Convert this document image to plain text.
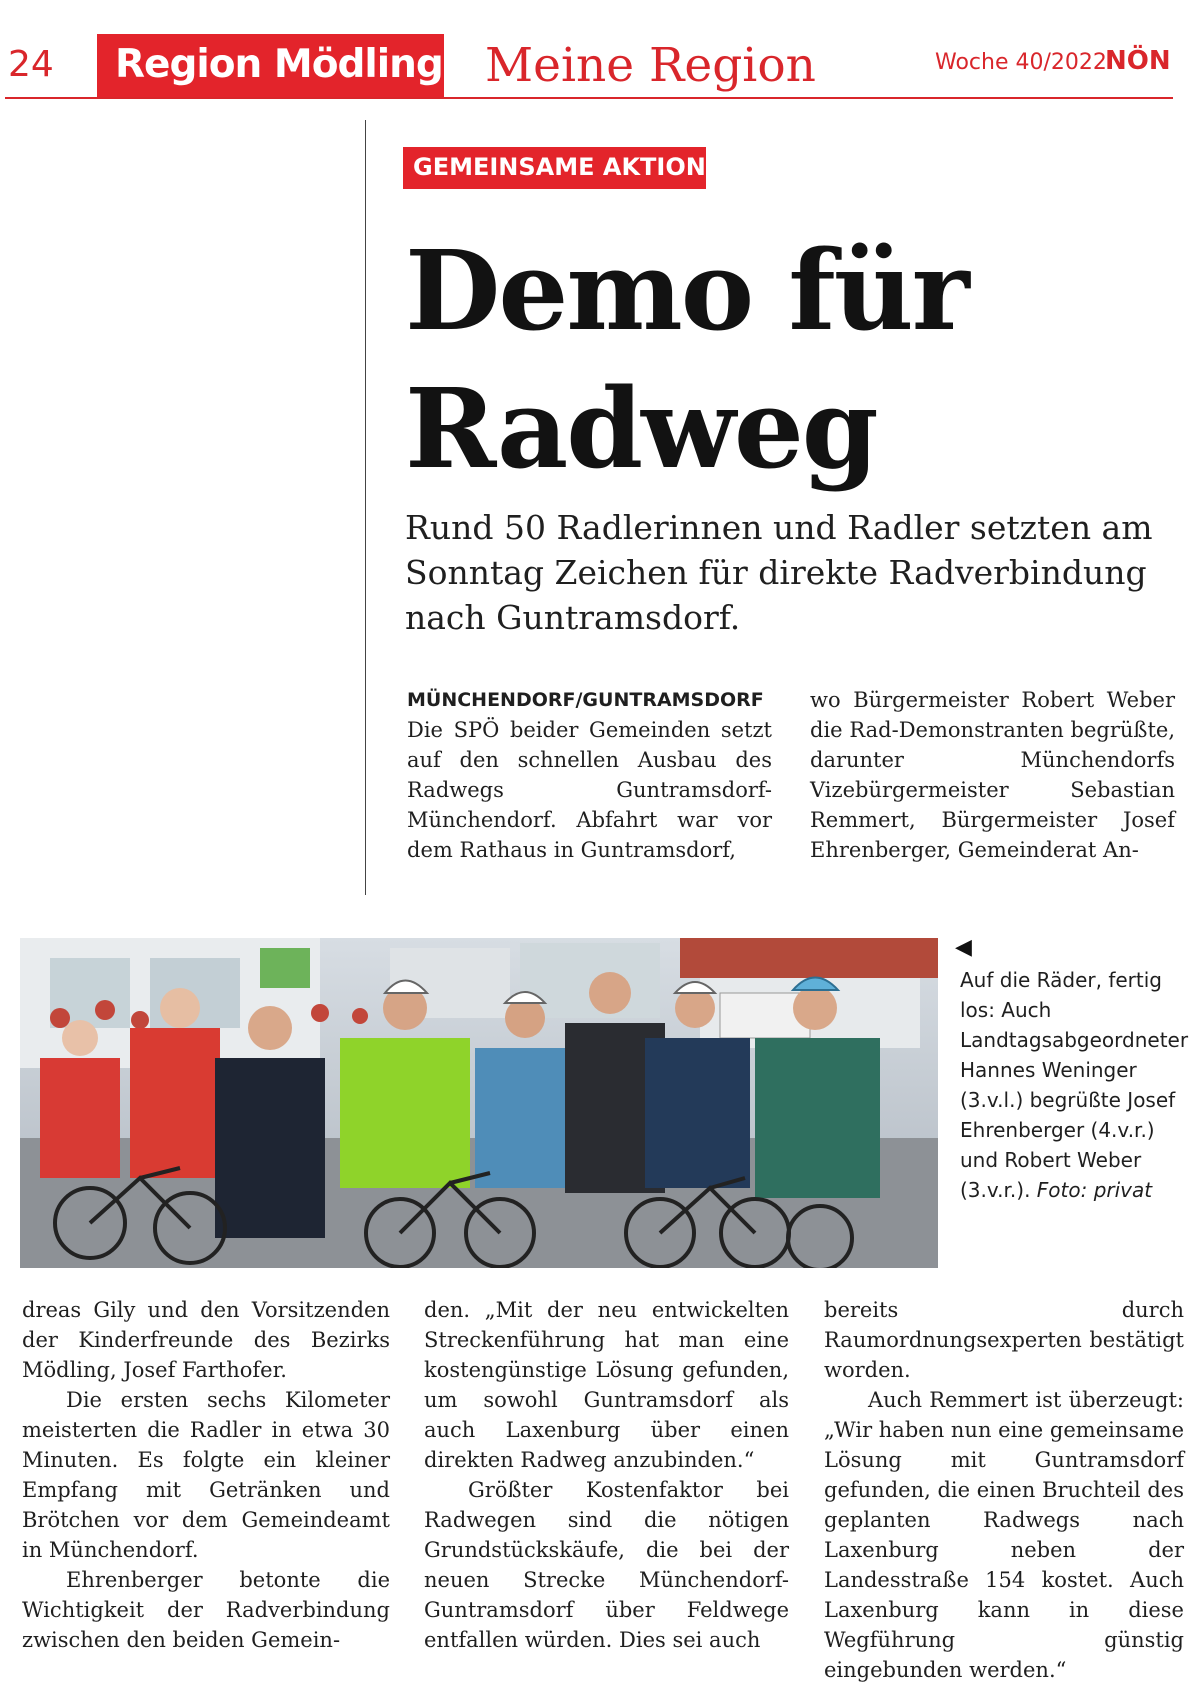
24 Region Mödling Meine Region	Woche 40/2022
NÖN
GEMEINSAME AKTION
Demo für
Radweg
Rund 50 Radlerinnen und Radler setzten am Sonntag Zeichen für direkte Radverbindung nach Guntramsdorf.
MÜNCHENDORF/GUNTRAMSDORF

Die SPÖ beider Gemeinden setzt auf den schnellen Ausbau des Radwegs Guntramsdorf-Münchendorf. Abfahrt war vor dem Rathaus in Guntramsdorf,

wo Bürgermeister Robert Weber die Rad-Demonstranten begrüßte, darunter Münchendorfs Vizebürgermeister Sebastian Remmert, Bürgermeister Josef Ehrenberger, Gemeinderat An-

◀
Auf die Räder, fertig los: Auch Landtagsabgeordneter Hannes Weninger (3.v.l.) begrüßte Josef Ehrenberger (4.v.r.) und Robert Weber (3.v.r.). Foto: privat

dreas Gily und den Vorsitzenden der Kinderfreunde des Bezirks Mödling, Josef Farthofer.

Die ersten sechs Kilometer meisterten die Radler in etwa 30 Minuten. Es folgte ein kleiner Empfang mit Getränken und Brötchen vor dem Gemeindeamt in Münchendorf.

Ehrenberger betonte die Wichtigkeit der Radverbindung zwischen den beiden Gemein-

den. „Mit der neu entwickelten Streckenführung hat man eine kostengünstige Lösung gefunden, um sowohl Guntramsdorf als auch Laxenburg über einen direkten Radweg anzubinden.“

Größter Kostenfaktor bei Radwegen sind die nötigen Grundstückskäufe, die bei der neuen Strecke Münchendorf-Guntramsdorf über Feldwege entfallen würden. Dies sei auch

bereits durch Raumordnungsexperten bestätigt worden.

Auch Remmert ist überzeugt: „Wir haben nun eine gemeinsame Lösung mit Guntramsdorf gefunden, die einen Bruchteil des geplanten Radwegs nach Laxenburg neben der Landesstraße 154 kostet. Auch Laxenburg kann in diese Wegführung günstig eingebunden werden.“
